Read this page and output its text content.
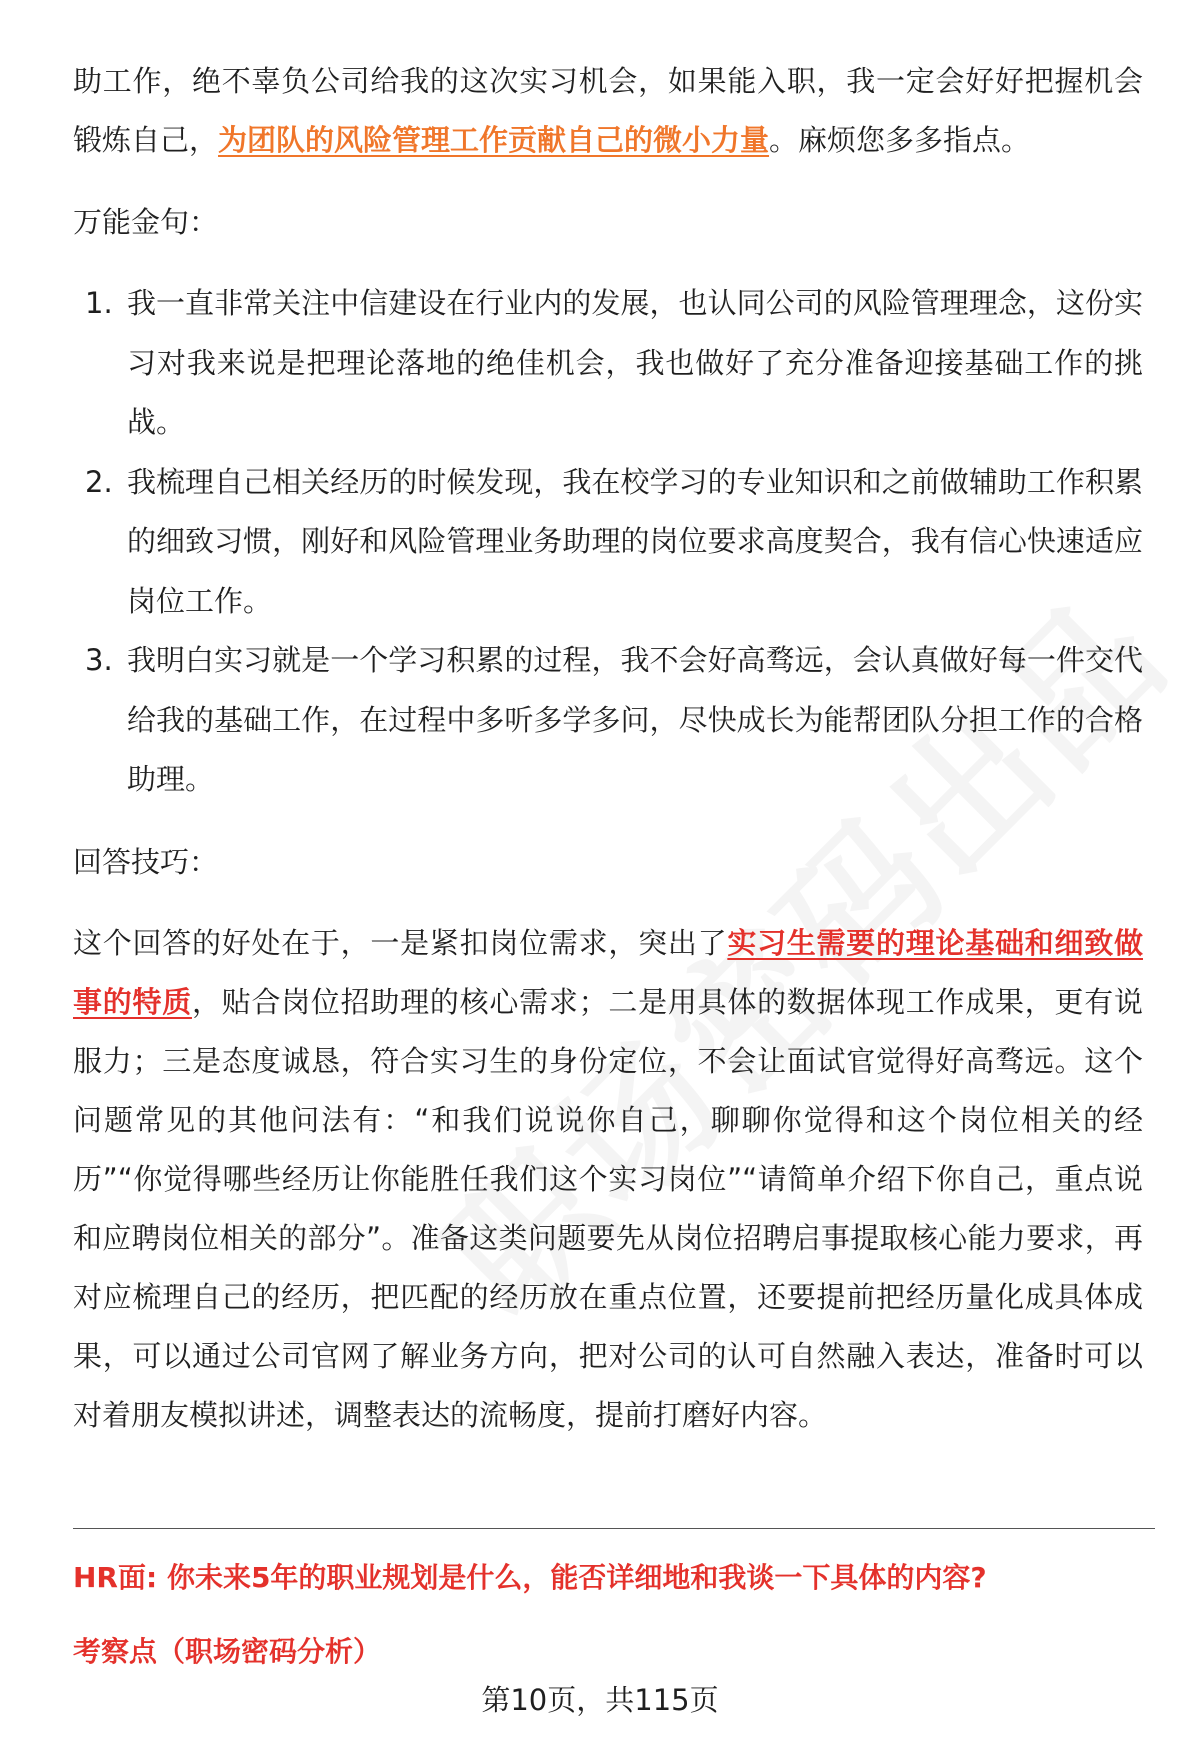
助工作，绝不辜负公司给我的这次实习机会，如果能入职，我一定会好好把握机会锻炼自己，为团队的风险管理工作贡献自己的微小力量。麻烦您多多指点。

万能金句：

1. 我一直非常关注中信建设在行业内的发展，也认同公司的风险管理理念，这份实习对我来说是把理论落地的绝佳机会，我也做好了充分准备迎接基础工作的挑战。
2. 我梳理自己相关经历的时候发现，我在校学习的专业知识和之前做辅助工作积累的细致习惯，刚好和风险管理业务助理的岗位要求高度契合，我有信心快速适应岗位工作。
3. 我明白实习就是一个学习积累的过程，我不会好高骛远，会认真做好每一件交代给我的基础工作，在过程中多听多学多问，尽快成长为能帮团队分担工作的合格助理。

回答技巧：

这个回答的好处在于，一是紧扣岗位需求，突出了实习生需要的理论基础和细致做事的特质，贴合岗位招助理的核心需求；二是用具体的数据体现工作成果，更有说服力；三是态度诚恳，符合实习生的身份定位，不会让面试官觉得好高骛远。这个问题常见的其他问法有：“和我们说说你自己，聊聊你觉得和这个岗位相关的经历”“你觉得哪些经历让你能胜任我们这个实习岗位”“请简单介绍下你自己，重点说和应聘岗位相关的部分”。准备这类问题要先从岗位招聘启事提取核心能力要求，再对应梳理自己的经历，把匹配的经历放在重点位置，还要提前把经历量化成具体成果，可以通过公司官网了解业务方向，把对公司的认可自然融入表达，准备时可以对着朋友模拟讲述，调整表达的流畅度，提前打磨好内容。

HR面: 你未来5年的职业规划是什么，能否详细地和我谈一下具体的内容?

考察点（职场密码分析）

第10页，共115页
